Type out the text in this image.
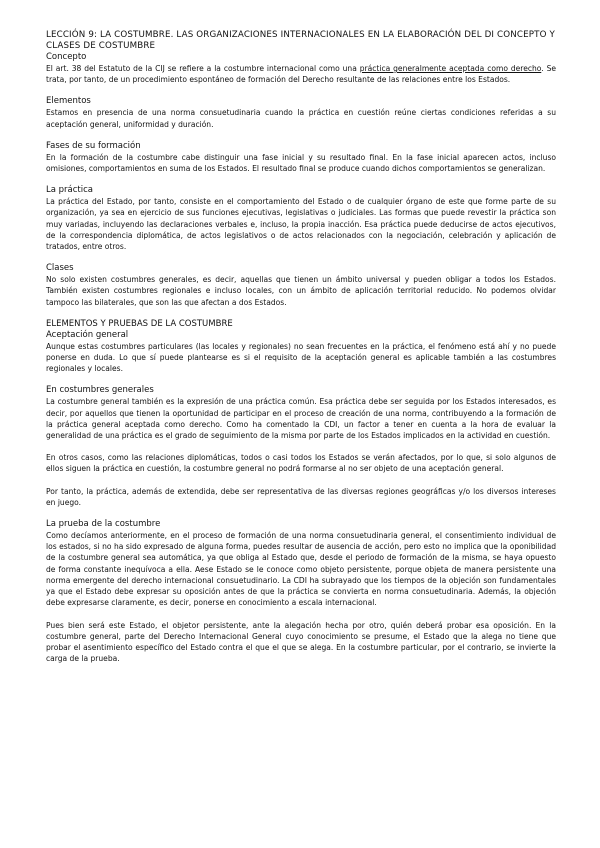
LECCIÓN 9: LA COSTUMBRE. LAS ORGANIZACIONES INTERNACIONALES EN LA ELABORACIÓN DEL DI CONCEPTO Y CLASES DE COSTUMBRE
Concepto

El art. 38 del Estatuto de la CIJ se refiere a la costumbre internacional como una práctica generalmente aceptada como derecho. Se trata, por tanto, de un procedimiento espontáneo de formación del Derecho resultante de las relaciones entre los Estados.

Elementos

Estamos en presencia de una norma consuetudinaria cuando la práctica en cuestión reúne ciertas condiciones referidas a su aceptación general, uniformidad y duración.

Fases de su formación

En la formación de la costumbre cabe distinguir una fase inicial y su resultado final. En la fase inicial aparecen actos, incluso omisiones, comportamientos en suma de los Estados. El resultado final se produce cuando dichos comportamientos se generalizan.

La práctica

La práctica del Estado, por tanto, consiste en el comportamiento del Estado o de cualquier órgano de este que forme parte de su organización, ya sea en ejercicio de sus funciones ejecutivas, legislativas o judiciales. Las formas que puede revestir la práctica son muy variadas, incluyendo las declaraciones verbales e, incluso, la propia inacción. Esa práctica puede deducirse de actos ejecutivos, de la correspondencia diplomática, de actos legislativos o de actos relacionados con la negociación, celebración y aplicación de tratados, entre otros.

Clases

No solo existen costumbres generales, es decir, aquellas que tienen un ámbito universal y pueden obligar a todos los Estados. También existen costumbres regionales e incluso locales, con un ámbito de aplicación territorial reducido. No podemos olvidar tampoco las bilaterales, que son las que afectan a dos Estados.

ELEMENTOS Y PRUEBAS DE LA COSTUMBRE
Aceptación general

Aunque estas costumbres particulares (las locales y regionales) no sean frecuentes en la práctica, el fenómeno está ahí y no puede ponerse en duda. Lo que sí puede plantearse es si el requisito de la aceptación general es aplicable también a las costumbres regionales y locales.

En costumbres generales

La costumbre general también es la expresión de una práctica común. Esa práctica debe ser seguida por los Estados interesados, es decir, por aquellos que tienen la oportunidad de participar en el proceso de creación de una norma, contribuyendo a la formación de la práctica general aceptada como derecho. Como ha comentado la CDI, un factor a tener en cuenta a la hora de evaluar la generalidad de una práctica es el grado de seguimiento de la misma por parte de los Estados implicados en la actividad en cuestión.

En otros casos, como las relaciones diplomáticas, todos o casi todos los Estados se verán afectados, por lo que, si solo algunos de ellos siguen la práctica en cuestión, la costumbre general no podrá formarse al no ser objeto de una aceptación general.

Por tanto, la práctica, además de extendida, debe ser representativa de las diversas regiones geográficas y/o los diversos intereses en juego.

La prueba de la costumbre

Como decíamos anteriormente, en el proceso de formación de una norma consuetudinaria general, el consentimiento individual de los estados, si no ha sido expresado de alguna forma, puedes resultar de ausencia de acción, pero esto no implica que la oponibilidad de la costumbre general sea automática, ya que obliga al Estado que, desde el periodo de formación de la misma, se haya opuesto de forma constante inequívoca a ella. Aese Estado se le conoce como objeto persistente, porque objeta de manera persistente una norma emergente del derecho internacional consuetudinario. La CDI ha subrayado que los tiempos de la objeción son fundamentales ya que el Estado debe expresar su oposición antes de que la práctica se convierta en norma consuetudinaria. Además, la objeción debe expresarse claramente, es decir, ponerse en conocimiento a escala internacional.

Pues bien será este Estado, el objetor persistente, ante la alegación hecha por otro, quién deberá probar esa oposición. En la costumbre general, parte del Derecho Internacional General cuyo conocimiento se presume, el Estado que la alega no tiene que probar el asentimiento específico del Estado contra el que el que se alega. En la costumbre particular, por el contrario, se invierte la carga de la prueba.
